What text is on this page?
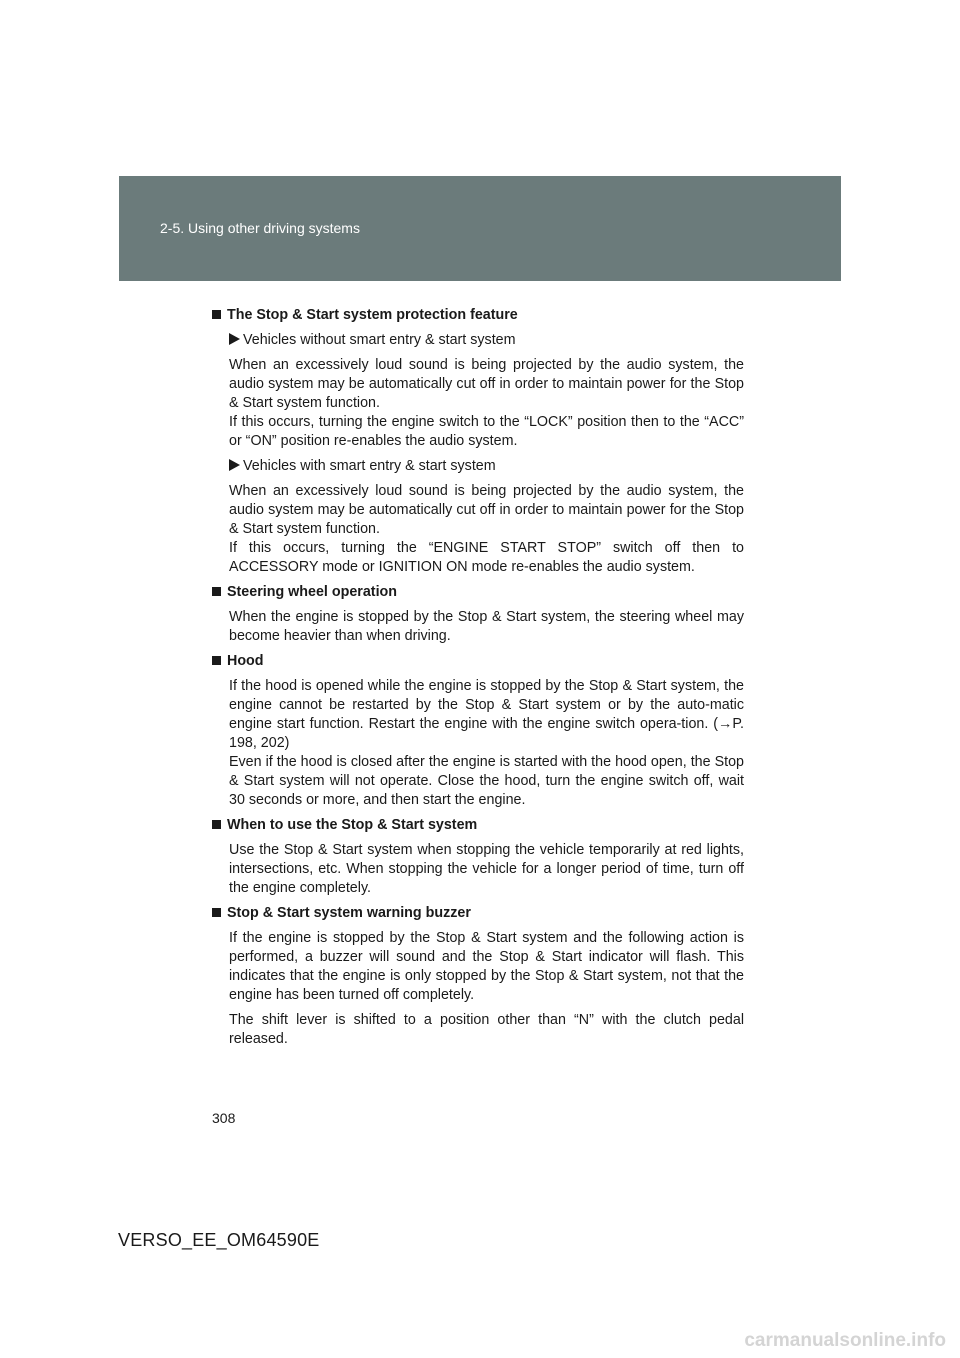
2-5. Using other driving systems
The Stop & Start system protection feature
Vehicles without smart entry & start system
When an excessively loud sound is being projected by the audio system, the audio system may be automatically cut off in order to maintain power for the Stop & Start system function.
If this occurs, turning the engine switch to the “LOCK” position then to the “ACC” or “ON” position re-enables the audio system.
Vehicles with smart entry & start system
When an excessively loud sound is being projected by the audio system, the audio system may be automatically cut off in order to maintain power for the Stop & Start system function.
If this occurs, turning the “ENGINE START STOP” switch off then to ACCESSORY mode or IGNITION ON mode re-enables the audio system.
Steering wheel operation
When the engine is stopped by the Stop & Start system, the steering wheel may become heavier than when driving.
Hood
If the hood is opened while the engine is stopped by the Stop & Start system, the engine cannot be restarted by the Stop & Start system or by the auto-matic engine start function. Restart the engine with the engine switch opera-tion. (→P. 198, 202)
Even if the hood is closed after the engine is started with the hood open, the Stop & Start system will not operate. Close the hood, turn the engine switch off, wait 30 seconds or more, and then start the engine.
When to use the Stop & Start system
Use the Stop & Start system when stopping the vehicle temporarily at red lights, intersections, etc. When stopping the vehicle for a longer period of time, turn off the engine completely.
Stop & Start system warning buzzer
If the engine is stopped by the Stop & Start system and the following action is performed, a buzzer will sound and the Stop & Start indicator will flash. This indicates that the engine is only stopped by the Stop & Start system, not that the engine has been turned off completely.
The shift lever is shifted to a position other than “N” with the clutch pedal released.
308
VERSO_EE_OM64590E
carmanualsonline.info
